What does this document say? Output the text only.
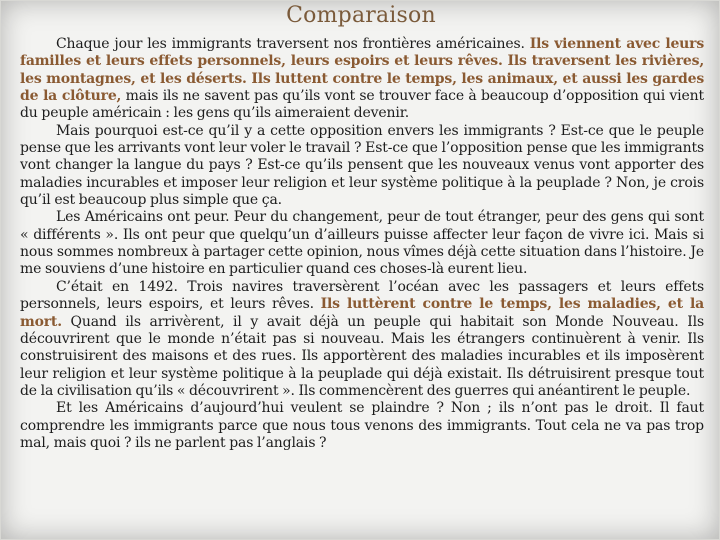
Comparaison

Chaque jour les immigrants traversent nos frontières américaines. Ils viennent avec leurs familles et leurs effets personnels, leurs espoirs et leurs rêves. Ils traversent les rivières, les montagnes, et les déserts. Ils luttent contre le temps, les animaux, et aussi les gardes de la clôture, mais ils ne savent pas qu’ils vont se trouver face à beaucoup d’opposition qui vient du peuple américain : les gens qu’ils aimeraient devenir.

Mais pourquoi est-ce qu’il y a cette opposition envers les immigrants ? Est-ce que le peuple pense que les arrivants vont leur voler le travail ? Est-ce que l’opposition pense que les immigrants vont changer la langue du pays ? Est-ce qu’ils pensent que les nouveaux venus vont apporter des maladies incurables et imposer leur religion et leur système politique à la peuplade ? Non, je crois qu’il est beaucoup plus simple que ça.

Les Américains ont peur. Peur du changement, peur de tout étranger, peur des gens qui sont « différents ». Ils ont peur que quelqu’un d’ailleurs puisse affecter leur façon de vivre ici. Mais si nous sommes nombreux à partager cette opinion, nous vîmes déjà cette situation dans l’histoire. Je me souviens d’une histoire en particulier quand ces choses-là eurent lieu.

C’était en 1492. Trois navires traversèrent l’océan avec les passagers et leurs effets personnels, leurs espoirs, et leurs rêves. Ils luttèrent contre le temps, les maladies, et la mort. Quand ils arrivèrent, il y avait déjà un peuple qui habitait son Monde Nouveau. Ils découvrirent que le monde n’était pas si nouveau. Mais les étrangers continuèrent à venir. Ils construisirent des maisons et des rues. Ils apportèrent des maladies incurables et ils imposèrent leur religion et leur système politique à la peuplade qui déjà existait. Ils détruisirent presque tout de la civilisation qu’ils « découvrirent ». Ils commencèrent des guerres qui anéantirent le peuple.

Et les Américains d’aujourd’hui veulent se plaindre ? Non ; ils n’ont pas le droit. Il faut comprendre les immigrants parce que nous tous venons des immigrants. Tout cela ne va pas trop mal, mais quoi ? ils ne parlent pas l’anglais ?
